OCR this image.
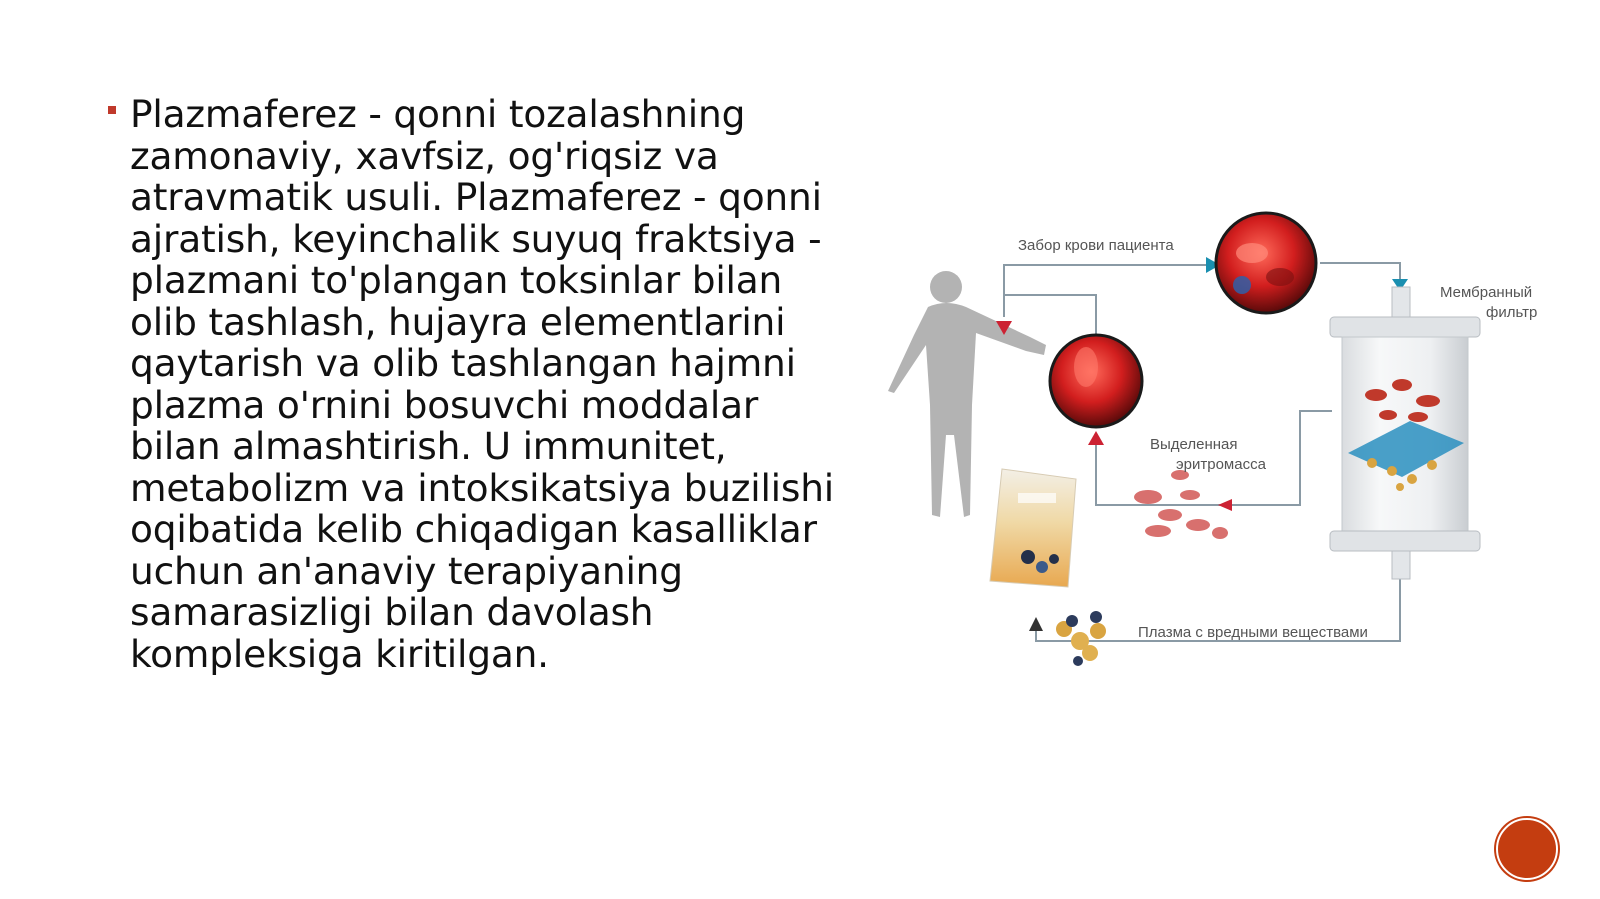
Plazmaferez - qonni tozalashning
zamonaviy, xavfsiz, og'riqsiz va
atravmatik usuli. Plazmaferez - qonni
ajratish, keyinchalik suyuq fraktsiya -
plazmani to'plangan toksinlar bilan
olib tashlash, hujayra elementlarini
qaytarish va olib tashlangan hajmni
plazma o'rnini bosuvchi moddalar
bilan almashtirish. U immunitet,
metabolizm va intoksikatsiya buzilishi
oqibatida kelib chiqadigan kasalliklar
uchun an'anaviy terapiyaning
samarasizligi bilan davolash
kompleksiga kiritilgan.

Забор крови пациента
Мембранный
фильтр
Выделенная
эритромасса
Плазма с вредными веществами
